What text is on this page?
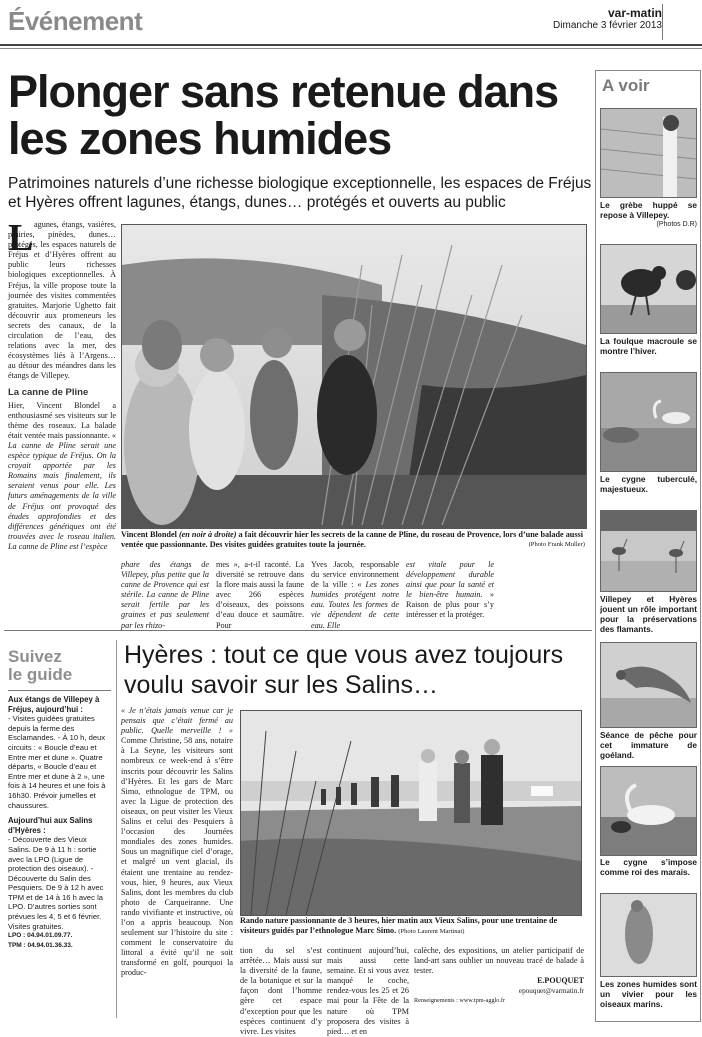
Événement	var-matin
Dimanche 3 février 2013
Plonger sans retenue dans les zones humides
Patrimoines naturels d’une richesse biologique exceptionnelle, les espaces de Fréjus et Hyères offrent lagunes, étangs, dunes… protégés et ouverts au public
L agunes, étangs, vasières, prairies, pinèdes, dunes… protégés, les espaces naturels de Fréjus et d’Hyères offrent au public leurs richesses biologiques exceptionnelles. À Fréjus, la ville propose toute la journée des visites commentées gratuites. Marjorie Ughetto fait découvrir aux promeneurs les secrets des canaux, de la circulation de l’eau, des relations avec la mer, des écosystèmes liés à l’Argens… au détour des méandres dans les étangs de Villepey.

La canne de Pline

Hier, Vincent Blondel a enthousiasmé ses visiteurs sur le thème des roseaux. La balade était ventée mais passionnante. « La canne de Pline serait une espèce typique de Fréjus. On la croyait apportée par les Romains mais finalement, ils seraient venus pour elle. Les futurs aménagements de la ville de Fréjus ont provoqué des études approfondies et des différences génétiques ont été trouvées avec le roseau italien. La canne de Pline est l’espèce

Vincent Blondel (en noir à droite) a fait découvrir hier les secrets de la canne de Pline, du roseau de Provence, lors d’une balade aussi ventée que passionnante. Des visites guidées gratuites toute la journée.	(Photo Frank Muller)
phare des étangs de Villepey, plus petite que la canne de Provence qui est stérile. La canne de Pline serait fertile par les graines et pas seulement par les rhizo-
mes », a-t-il raconté. La diversité se retrouve dans la flore mais aussi la faune avec 266 espèces d’oiseaux, des poissons d’eau douce et saumâtre. Pour
Yves Jacob, responsable du service environnement de la ville : « Les zones humides protégent notre eau. Toutes les formes de vie dépendent de cette eau. Elle
est vitale pour le développement durable ainsi que pour la santé et le bien-être humain. » Raison de plus pour s’y intéresser et la protéger.
A voir
Le grèbe huppé se repose à Villepey.
(Photos D.R)
La foulque macroule se montre l’hiver.
Le cygne tuberculé, majestueux.
Villepey et Hyères jouent un rôle important pour la préservations des flamants.
Séance de pêche pour cet immature de goéland.
Le cygne s’impose comme roi des marais.
Les zones humides sont un vivier pour les oiseaux marins.
Suivez
le guide
Aux étangs de Villepey à Fréjus, aujourd’hui :
- Visites guidées gratuites depuis la ferme des Esclamandes. - À 10 h, deux circuits : « Boucle d’eau et Entre mer et dune ». Quatre départs, « Boucle d’eau et Entre mer et dune à 2 », une fois à 14 heures et une fois à 16h30. Prévoir jumelles et chaussures.
Aujourd’hui aux Salins d’Hyères :
- Découverte des Vieux Salins. De 9 à 11 h : sortie avec la LPO (Ligue de protection des oiseaux). - Découverte du Salin des Pesquiers. De 9 à 12 h avec TPM et de 14 à 16 h avec la LPO. D’autres sorties sont prévues les 4, 5 et 6 février. Visites gratuites.
LPO : 04.94.01.09.77.
TPM : 04.94.01.36.33.
Hyères : tout ce que vous avez toujours voulu savoir sur les Salins…
« Je n’étais jamais venue car je pensais que c’était fermé au public. Quelle merveille ! » Comme Christine, 58 ans, notaire à La Seyne, les visiteurs sont nombreux ce week-end à s’être inscrits pour découvrir les Salins d’Hyères. Et les gars de Marc Simo, ethnologue de TPM, ou avec la Ligue de protection des oiseaux, on peut visiter les Vieux Salins et celui des Pesquiers à l’occasion des Journées mondiales des zones humides. Sous un magnifique ciel d’orage, et malgré un vent glacial, ils étaient une trentaine au rendez-vous, hier, 9 heures, aux Vieux Salins, dont les membres du club photo de Carqueiranne. Une rando vivifiante et instructive, où l’on a appris beaucoup. Non seulement sur l’histoire du site : comment le conservatoire du littoral a évité qu’il ne soit transformé en golf, pourquoi la produc-
Rando nature passionnante de 3 heures, hier matin aux Vieux Salins, pour une trentaine de visiteurs guidés par l’ethnologue Marc Simo. (Photo Laurent Martinat)
tion du sel s’est arrêtée… Mais aussi sur la diversité de la faune, de la botanique et sur la façon dont l’homme gère cet espace d’exception pour que les espèces continuent d’y vivre. Les visites
continuent aujourd’hui, mais aussi cette semaine. Et si vous avez manqué le coche, rendez-vous les 25 et 26 mai pour la Fête de la nature où TPM proposera des visites à pied… et en
calèche, des expositions, un atelier participatif de land-art sans oublier un nouveau tracé de balade à tester.
E.POUQUET
epouquet@varmatin.fr
Renseignements : www.tpm-agglo.fr
